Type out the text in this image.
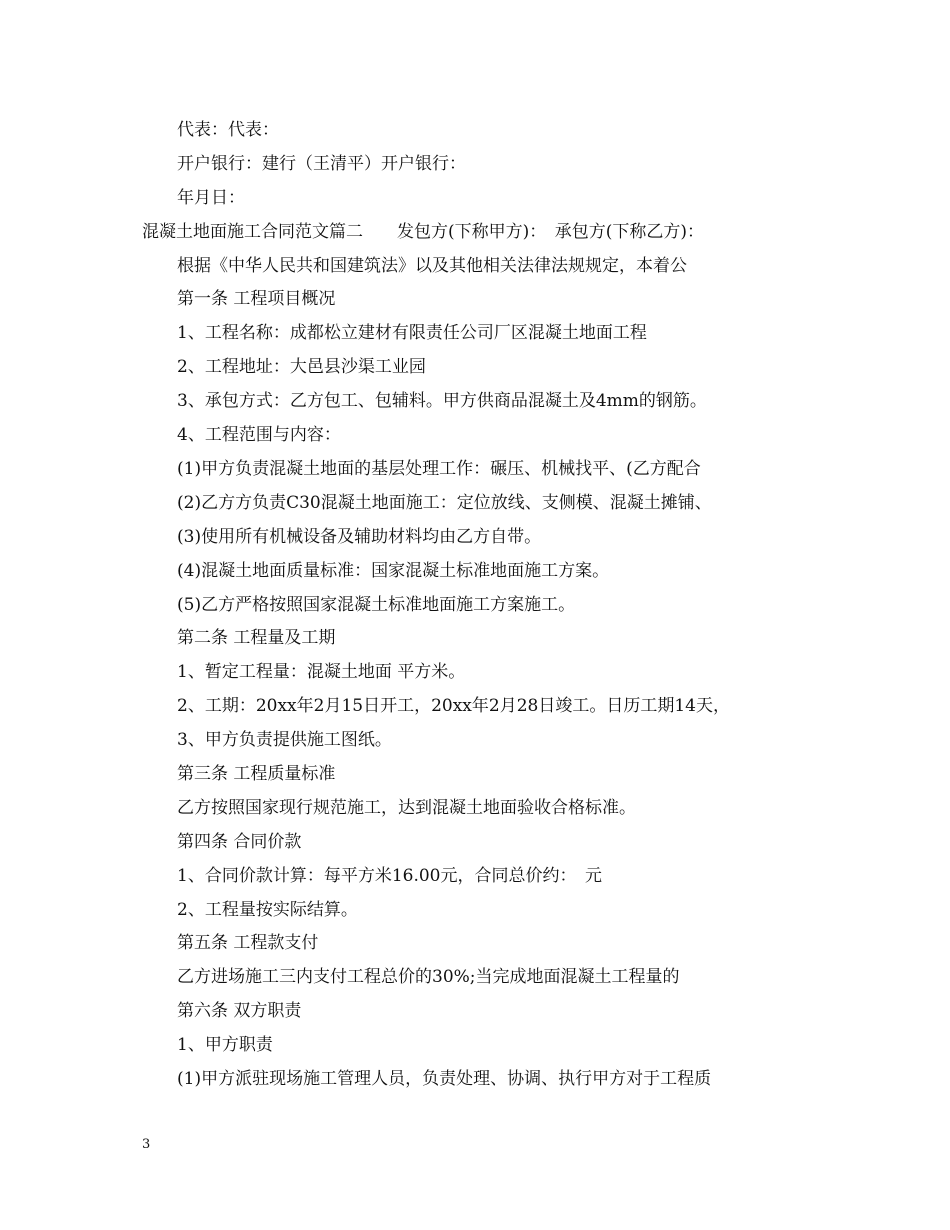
代表：代表：
开户银行：建行（王清平）开户银行：
年月日：
混凝土地面施工合同范文篇二　　发包方(下称甲方)：　承包方(下称乙方)：
根据《中华人民共和国建筑法》以及其他相关法律法规规定，本着公
第一条 工程项目概况
1、工程名称：成都松立建材有限责任公司厂区混凝土地面工程
2、工程地址：大邑县沙渠工业园
3、承包方式：乙方包工、包辅料。甲方供商品混凝土及4mm的钢筋。
4、工程范围与内容：
(1)甲方负责混凝土地面的基层处理工作：碾压、机械找平、(乙方配合
(2)乙方方负责C30混凝土地面施工：定位放线、支侧模、混凝土摊铺、
(3)使用所有机械设备及辅助材料均由乙方自带。
(4)混凝土地面质量标准：国家混凝土标准地面施工方案。
(5)乙方严格按照国家混凝土标准地面施工方案施工。
第二条 工程量及工期
1、暂定工程量：混凝土地面 平方米。
2、工期：20xx年2月15日开工，20xx年2月28日竣工。日历工期14天，
3、甲方负责提供施工图纸。
第三条 工程质量标准
乙方按照国家现行规范施工，达到混凝土地面验收合格标准。
第四条 合同价款
1、合同价款计算：每平方米16.00元，合同总价约：　元
2、工程量按实际结算。
第五条 工程款支付
乙方进场施工三内支付工程总价的30%;当完成地面混凝土工程量的
第六条 双方职责
1、甲方职责
(1)甲方派驻现场施工管理人员，负责处理、协调、执行甲方对于工程质
3
